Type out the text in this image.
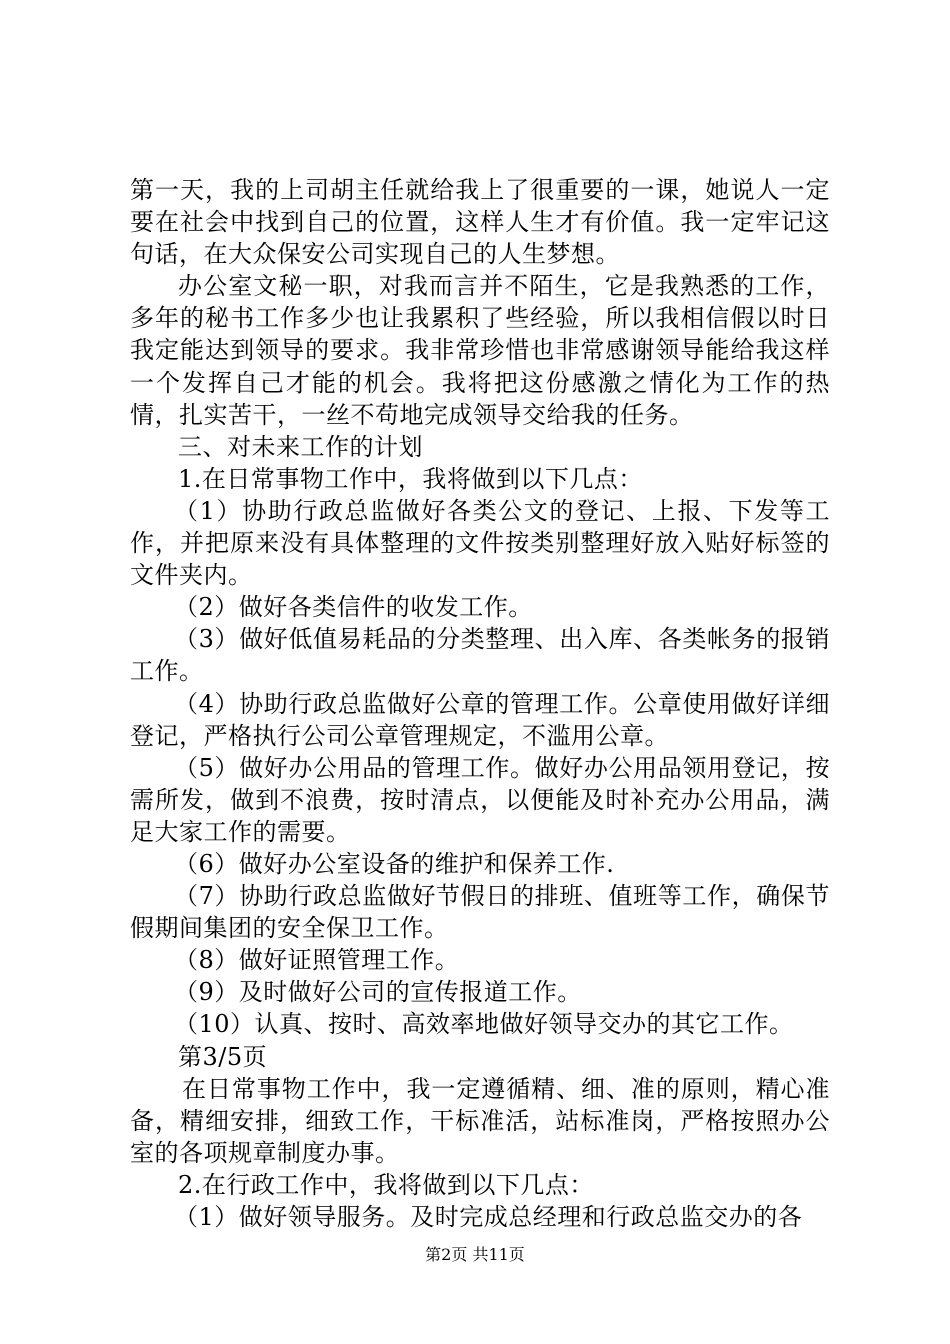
第一天，我的上司胡主任就给我上了很重要的一课，她说人一定要在社会中找到自己的位置，这样人生才有价值。我一定牢记这句话，在大众保安公司实现自己的人生梦想。

办公室文秘一职，对我而言并不陌生，它是我熟悉的工作，多年的秘书工作多少也让我累积了些经验，所以我相信假以时日我定能达到领导的要求。我非常珍惜也非常感谢领导能给我这样一个发挥自己才能的机会。我将把这份感激之情化为工作的热情，扎实苦干，一丝不苟地完成领导交给我的任务。

三、对未来工作的计划

1.在日常事物工作中，我将做到以下几点：

（1）协助行政总监做好各类公文的登记、上报、下发等工作，并把原来没有具体整理的文件按类别整理好放入贴好标签的文件夹内。

（2）做好各类信件的收发工作。

（3）做好低值易耗品的分类整理、出入库、各类帐务的报销工作。

（4）协助行政总监做好公章的管理工作。公章使用做好详细登记，严格执行公司公章管理规定，不滥用公章。

（5）做好办公用品的管理工作。做好办公用品领用登记，按需所发，做到不浪费，按时清点，以便能及时补充办公用品，满足大家工作的需要。

（6）做好办公室设备的维护和保养工作.

（7）协助行政总监做好节假日的排班、值班等工作，确保节假期间集团的安全保卫工作。

（8）做好证照管理工作。

（9）及时做好公司的宣传报道工作。

（10）认真、按时、高效率地做好领导交办的其它工作。

第3/5页

在日常事物工作中，我一定遵循精、细、准的原则，精心准备，精细安排，细致工作，干标准活，站标准岗，严格按照办公室的各项规章制度办事。

2.在行政工作中，我将做到以下几点：

（1）做好领导服务。及时完成总经理和行政总监交办的各

第2页 共11页
